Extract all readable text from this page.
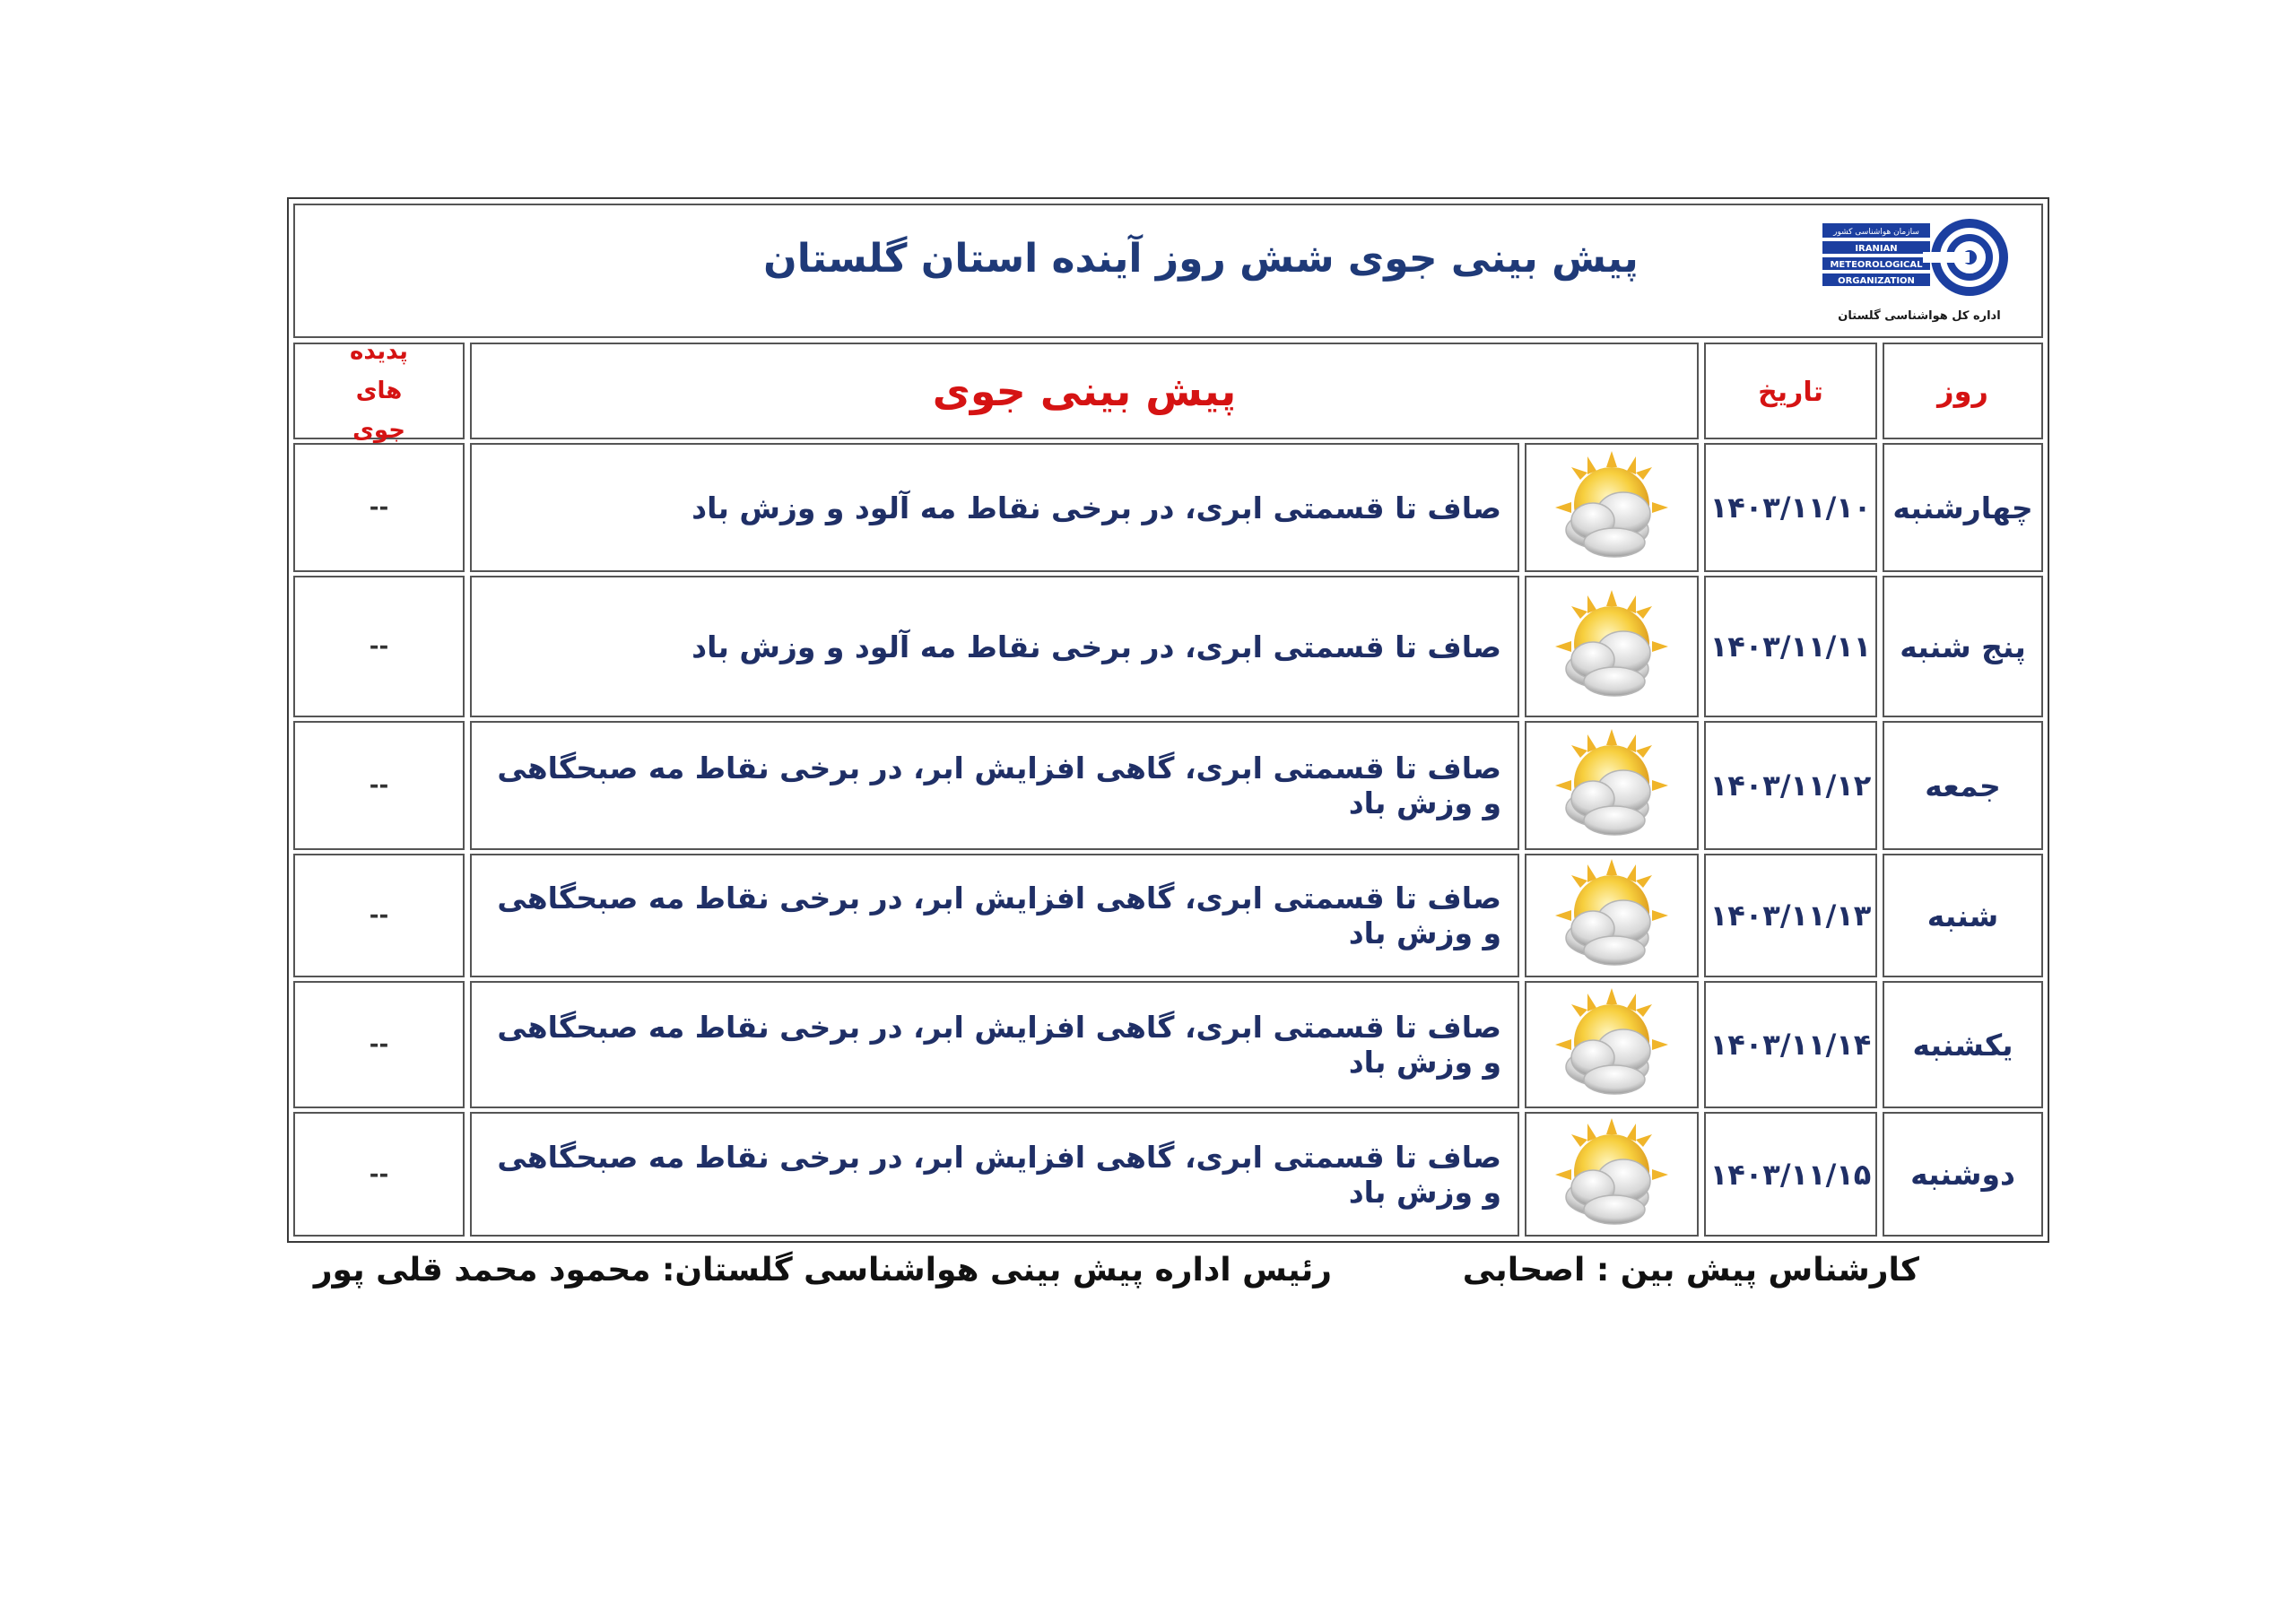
پیش بینی جوی شش روز آینده استان گلستان
سازمان هواشناسی کشور
IRANIAN
METEOROLOGICAL
ORGANIZATION
اداره کل هواشناسی گلستان
روز
تاریخ
پیش بینی جوی
پدیده های جوی
چهارشنبه
۱۴۰۳/۱۱/۱۰
صاف تا قسمتی ابری، در برخی نقاط مه آلود و وزش باد
--
پنج شنبه
۱۴۰۳/۱۱/۱۱
صاف تا قسمتی ابری، در برخی نقاط مه آلود و وزش باد
--
جمعه
۱۴۰۳/۱۱/۱۲
صاف تا قسمتی ابری، گاهی افزایش ابر، در برخی نقاط مه صبحگاهی و وزش باد
--
شنبه
۱۴۰۳/۱۱/۱۳
صاف تا قسمتی ابری، گاهی افزایش ابر، در برخی نقاط مه صبحگاهی و وزش باد
--
یکشنبه
۱۴۰۳/۱۱/۱۴
صاف تا قسمتی ابری، گاهی افزایش ابر، در برخی نقاط مه صبحگاهی و وزش باد
--
دوشنبه
۱۴۰۳/۱۱/۱۵
صاف تا قسمتی ابری، گاهی افزایش ابر، در برخی نقاط مه صبحگاهی و وزش باد
--
کارشناس پیش بین : اصحابی
رئیس اداره پیش بینی هواشناسی گلستان: محمود محمد قلی پور
